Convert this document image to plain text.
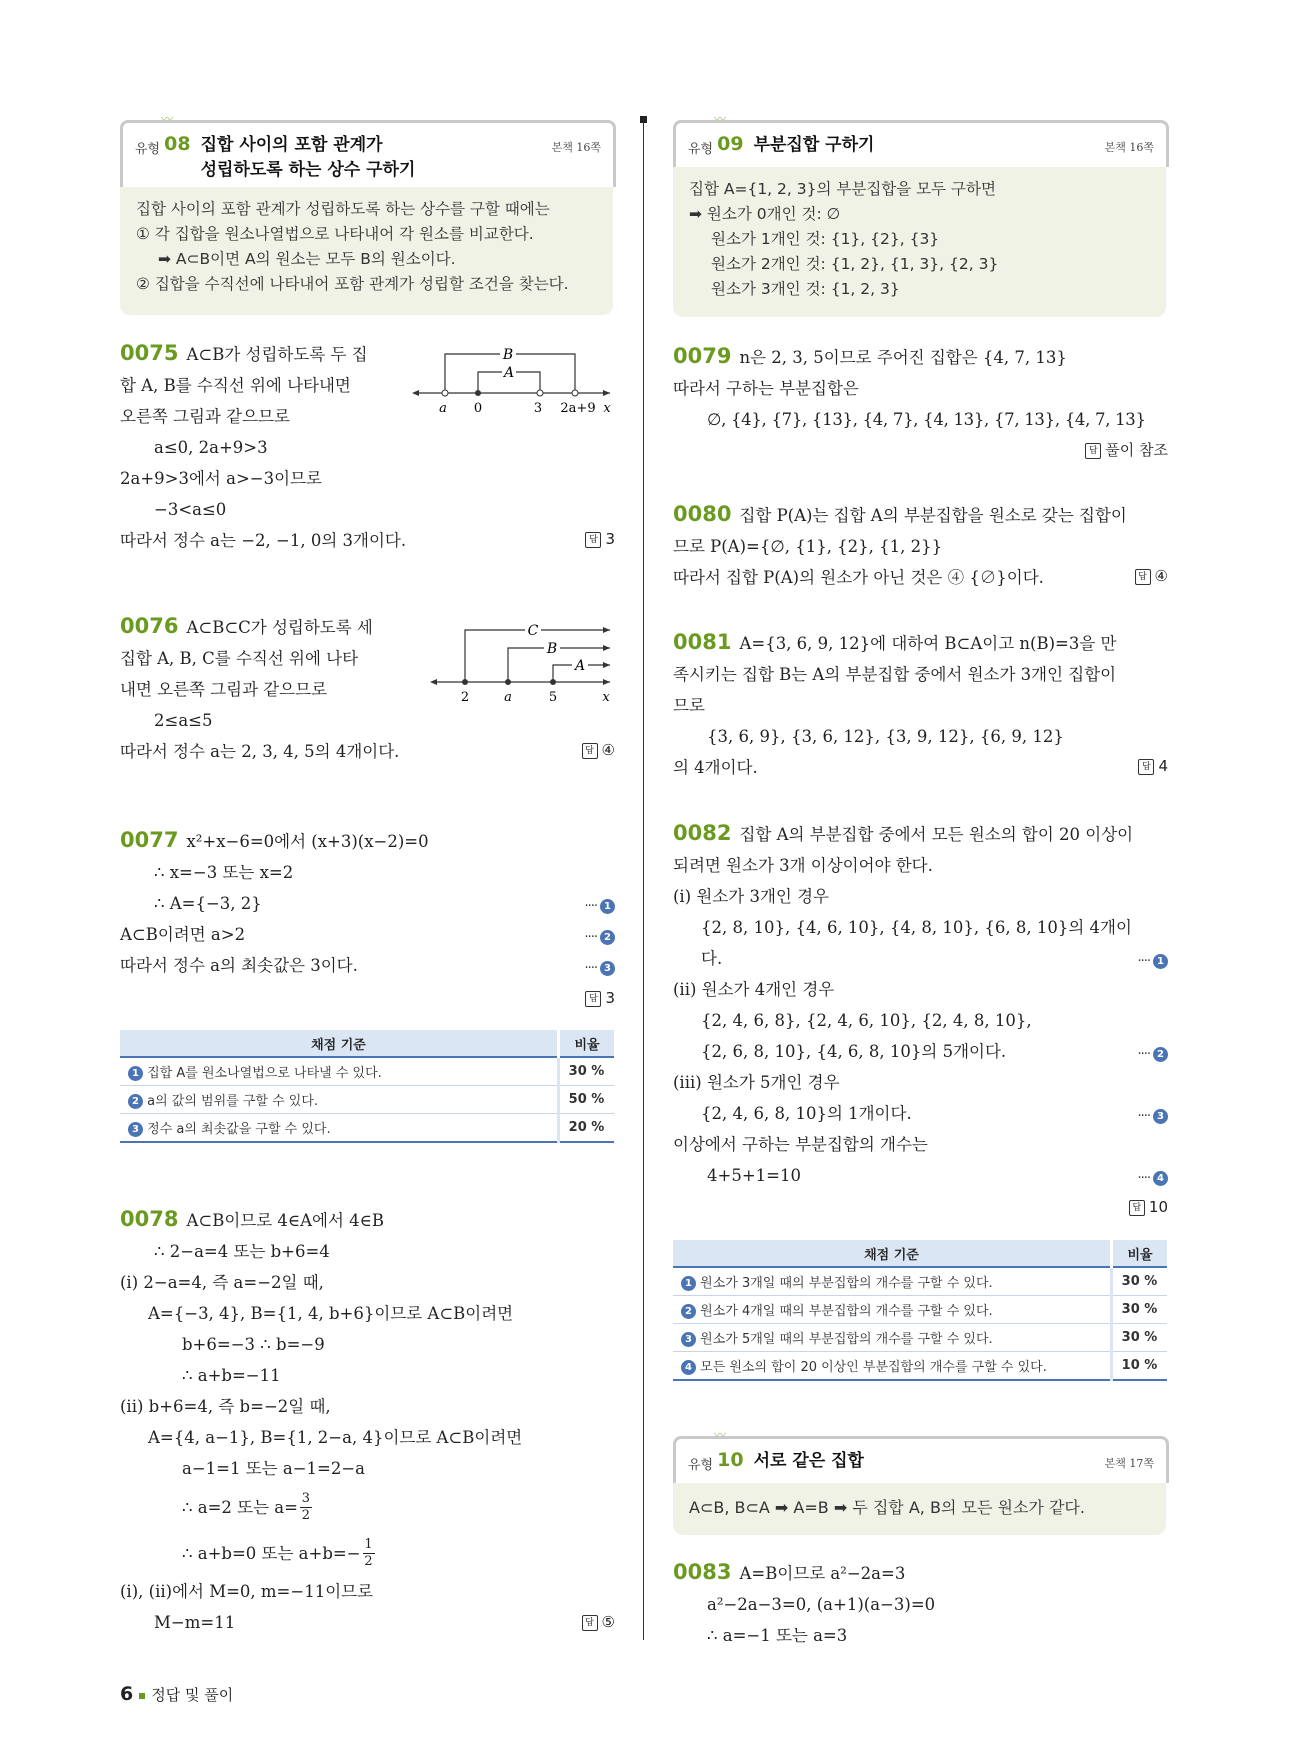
〰
유형 08 집합 사이의 포함 관계가
성립하도록 하는 상수 구하기
본책 16쪽
집합 사이의 포함 관계가 성립하도록 하는 상수를 구할 때에는
① 각 집합을 원소나열법으로 나타내어 각 원소를 비교한다.
➡ A⊂B이면 A의 원소는 모두 B의 원소이다.
② 집합을 수직선에 나타내어 포함 관계가 성립할 조건을 찾는다.
0075 A⊂B가 성립하도록 두 집
합 A, B를 수직선 위에 나타내면
오른쪽 그림과 같으므로
a≤0, 2a+9>3
2a+9>3에서 a>−3이므로
−3<a≤0
따라서 정수 a는 −2, −1, 0의 3개이다.	답 3
B
A
a 0	3 2a+9 x
0076 A⊂B⊂C가 성립하도록 세
집합 A, B, C를 수직선 위에 나타
내면 오른쪽 그림과 같으므로
2≤a≤5
따라서 정수 a는 2, 3, 4, 5의 4개이다.	답 ④
C
B
A
2	a	5	x
0077 x²+x−6=0에서 (x+3)(x−2)=0
∴ x=−3 또는 x=2
∴ A={−3, 2}
A⊂B이려면 a>2
따라서 정수 a의 최솟값은 3이다.
···· 1
···· 2
···· 3
답 3
채점 기준	비율
1 집합 A를 원소나열법으로 나타낼 수 있다.	30 %
2 a의 값의 범위를 구할 수 있다.	50 %
3 정수 a의 최솟값을 구할 수 있다.	20 %
0078 A⊂B이므로 4∈A에서 4∈B
∴ 2−a=4 또는 b+6=4
(i) 2−a=4, 즉 a=−2일 때,
A={−3, 4}, B={1, 4, b+6}이므로 A⊂B이려면
b+6=−3 ∴ b=−9
∴ a+b=−11
(ii) b+6=4, 즉 b=−2일 때,
A={4, a−1}, B={1, 2−a, 4}이므로 A⊂B이려면
a−1=1 또는 a−1=2−a
∴ a=2 또는 a= 3
2
∴ a+b=0 또는 a+b=− 1
2
(i), (ii)에서 M=0, m=−11이므로
M−m=11	답 ⑤
〰
유형 09 부분집합 구하기	본책 16쪽
집합 A={1, 2, 3}의 부분집합을 모두 구하면
➡ 원소가 0개인 것: ∅
원소가 1개인 것: {1}, {2}, {3}
원소가 2개인 것: {1, 2}, {1, 3}, {2, 3}
원소가 3개인 것: {1, 2, 3}
0079 n은 2, 3, 5이므로 주어진 집합은 {4, 7, 13}
따라서 구하는 부분집합은
∅, {4}, {7}, {13}, {4, 7}, {4, 13}, {7, 13}, {4, 7, 13}
답 풀이 참조
0080 집합 P(A)는 집합 A의 부분집합을 원소로 갖는 집합이
므로 P(A)={∅, {1}, {2}, {1, 2}}
따라서 집합 P(A)의 원소가 아닌 것은 ④ {∅}이다.	답 ④
0081 A={3, 6, 9, 12}에 대하여 B⊂A이고 n(B)=3을 만
족시키는 집합 B는 A의 부분집합 중에서 원소가 3개인 집합이
므로
{3, 6, 9}, {3, 6, 12}, {3, 9, 12}, {6, 9, 12}
의 4개이다.	답 4
0082 집합 A의 부분집합 중에서 모든 원소의 합이 20 이상이
되려면 원소가 3개 이상이어야 한다.
(i) 원소가 3개인 경우
{2, 8, 10}, {4, 6, 10}, {4, 8, 10}, {6, 8, 10}의 4개이
다.
(ii) 원소가 4개인 경우
{2, 4, 6, 8}, {2, 4, 6, 10}, {2, 4, 8, 10},
{2, 6, 8, 10}, {4, 6, 8, 10}의 5개이다.
(iii) 원소가 5개인 경우
{2, 4, 6, 8, 10}의 1개이다.
이상에서 구하는 부분집합의 개수는
4+5+1=10
···· 1
···· 2
···· 3
···· 4
답 10
채점 기준	비율
1 원소가 3개일 때의 부분집합의 개수를 구할 수 있다.	30 %
2 원소가 4개일 때의 부분집합의 개수를 구할 수 있다.	30 %
3 원소가 5개일 때의 부분집합의 개수를 구할 수 있다.	30 %
4 모든 원소의 합이 20 이상인 부분집합의 개수를 구할 수 있다.	10 %
〰
유형 10 서로 같은 집합	본책 17쪽
A⊂B, B⊂A ➡ A=B ➡ 두 집합 A, B의 모든 원소가 같다.
0083 A=B이므로 a²−2a=3
a²−2a−3=0, (a+1)(a−3)=0
∴ a=−1 또는 a=3
6 정답 및 풀이
